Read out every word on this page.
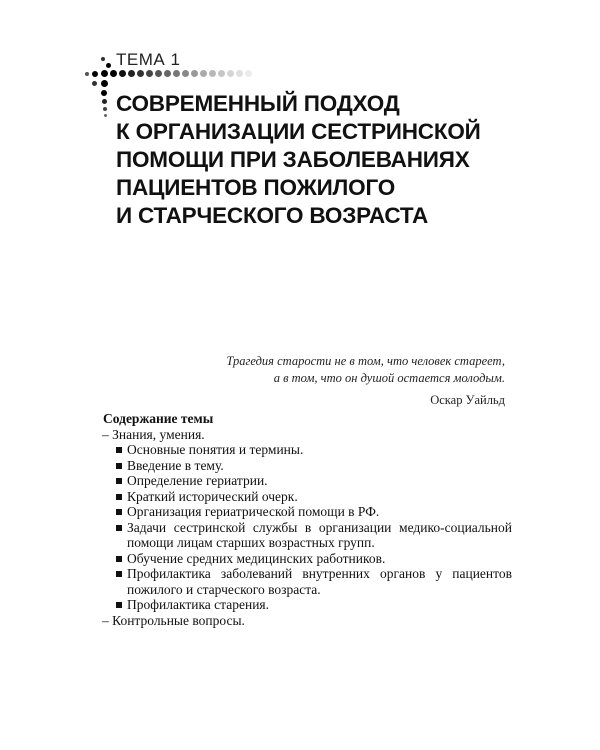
ТЕМА 1
СОВРЕМЕННЫЙ ПОДХОД
К ОРГАНИЗАЦИИ СЕСТРИНСКОЙ
ПОМОЩИ ПРИ ЗАБОЛЕВАНИЯХ
ПАЦИЕНТОВ ПОЖИЛОГО
И СТАРЧЕСКОГО ВОЗРАСТА
Трагедия старости не в том, что человек стареет,
а в том, что он душой остается молодым.
Оскар Уайльд
Содержание темы
– Знания, умения.
Основные понятия и термины.
Введение в тему.
Определение гериатрии.
Краткий исторический очерк.
Организация гериатрической помощи в РФ.
Задачи сестринской службы в организации медико-социальной помощи лицам старших возрастных групп.
Обучение средних медицинских работников.
Профилактика заболеваний внутренних органов у пациентов пожилого и старческого возраста.
Профилактика старения.
– Контрольные вопросы.
